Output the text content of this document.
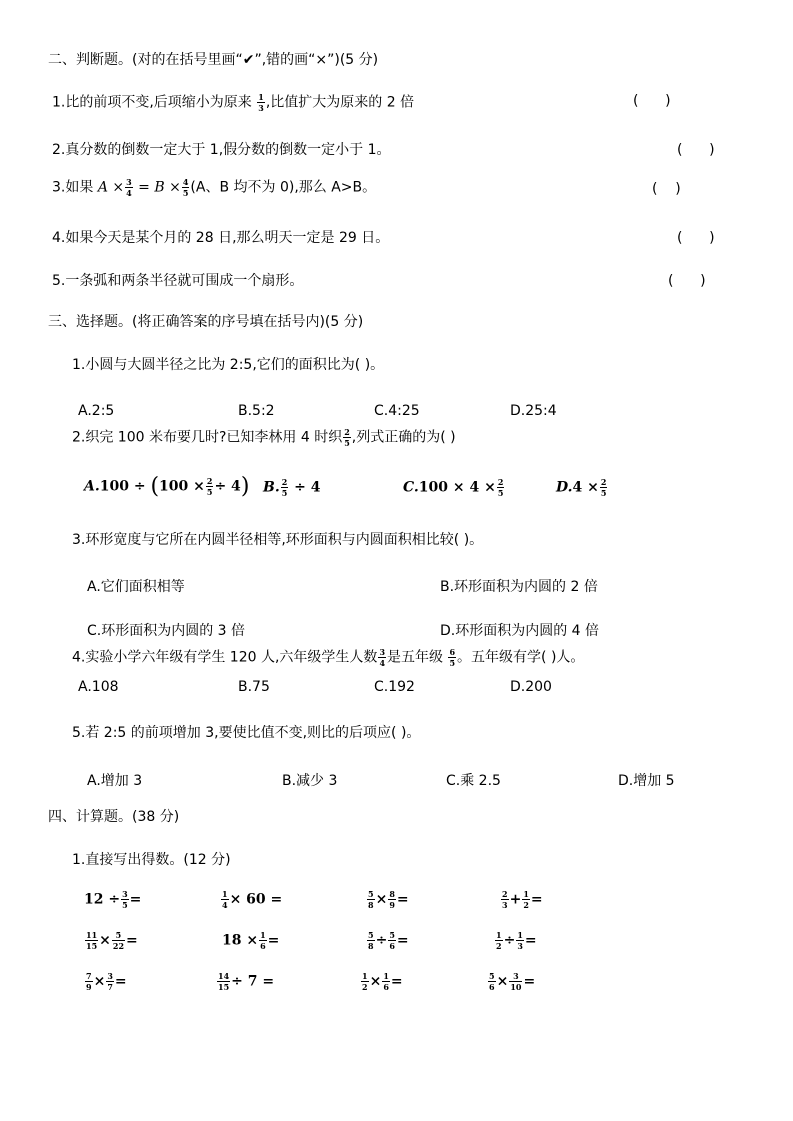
二、判断题。(对的在括号里画“✔”,错的画“×”)(5 分)
1.比的前项不变,后项缩小为原来 $\frac{1}{3}$ ,比值扩大为原来的 2 倍	(      )
2.真分数的倒数一定大于 1,假分数的倒数一定小于 1。	(      )
3.如果 $A \times \frac{3}{4} = B \times \frac{4}{5} (A$、B 均不为 0),那么 A>B。	(    )
4.如果今天是某个月的 28 日,那么明天一定是 29 日。	(      )
5.一条弧和两条半径就可围成一个扇形。	(      )
三、选择题。(将正确答案的序号填在括号内)(5 分)
1.小圆与大圆半径之比为 2:5,它们的面积比为( )。
A.2:5	B.5:2	C.4:25	D.25:4
2.织完 100 米布要几时?已知李林用 4 时织 $\frac{2}{5}$ ,列式正确的为( )
$A.100 \div (100 \times \frac{2}{5} \div 4)$ B. $\frac{2}{5} \div 4$	$C.100 \times 4 \times \frac{2}{5}$	$D.4 \times \frac{2}{5}$
3.环形宽度与它所在内圆半径相等,环形面积与内圆面积相比较( )。
A.它们面积相等	B.环形面积为内圆的 2 倍
C.环形面积为内圆的 3 倍	D.环形面积为内圆的 4 倍
4.实验小学六年级有学生 120 人,六年级学生人数 $\frac{3}{4}$ 是五年级 $\frac{6}{5}$ 。五年级有学( )人。
A.108	B.75	C.192	D.200
5.若 2:5 的前项增加 3,要使比值不变,则比的后项应( )。
A.增加 3	B.减少 3	C.乘 2.5	D.增加 5
四、计算题。(38 分)
1.直接写出得数。(12 分)
$12 \div \frac{3}{5}$ =	$\frac{1}{4} \times 60$ =	$\frac{5}{8} \times \frac{8}{9}$ =	$\frac{2}{3} + \frac{1}{2}$ =
$\frac{11}{15} \times \frac{5}{22}$ =	$18 \times \frac{1}{6}$ =	$\frac{5}{8} \div \frac{5}{6}$ =	$\frac{1}{2} \div \frac{1}{3}$ =
$\frac{7}{9} \times \frac{3}{7}$ =	$\frac{14}{15} \div 7$ =	$\frac{1}{2} \times \frac{1}{6}$ =	$\frac{5}{6} \times \frac{3}{10}$ =
